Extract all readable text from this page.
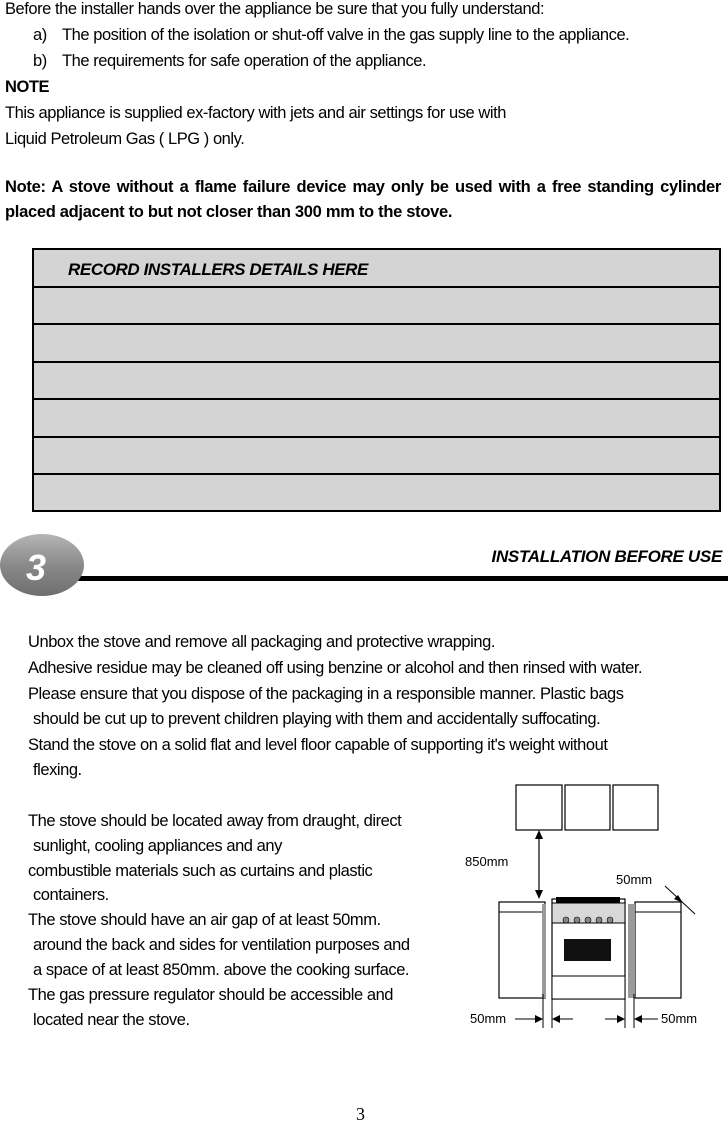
Before the installer hands over the appliance be sure that you fully understand:
a) The position of the isolation or shut-off valve in the gas supply line to the appliance.
b) The requirements for safe operation of the appliance.
NOTE
This appliance is supplied ex-factory with jets and air settings for use with
Liquid Petroleum Gas ( LPG ) only.
Note: A stove without a flame failure device may only be used with a free standing cylinder placed adjacent to but not closer than 300 mm to the stove.
RECORD INSTALLERS DETAILS HERE
3	INSTALLATION BEFORE USE
Unbox the stove and remove all packaging and protective wrapping.
Adhesive residue may be cleaned off using benzine or alcohol and then rinsed with water.
Please ensure that you dispose of the packaging in a responsible manner. Plastic bags
should be cut up to prevent children playing with them and accidentally suffocating.
Stand the stove on a solid flat and level floor capable of supporting it's weight without
flexing.
The stove should be located away from draught, direct
sunlight, cooling appliances and any
combustible materials such as curtains and plastic
containers.
The stove should have an air gap of at least 50mm.
around the back and sides for ventilation purposes and
a space of at least 850mm. above the cooking surface.
The gas pressure regulator should be accessible and
located near the stove.
850mm
50mm
50mm	50mm
3
